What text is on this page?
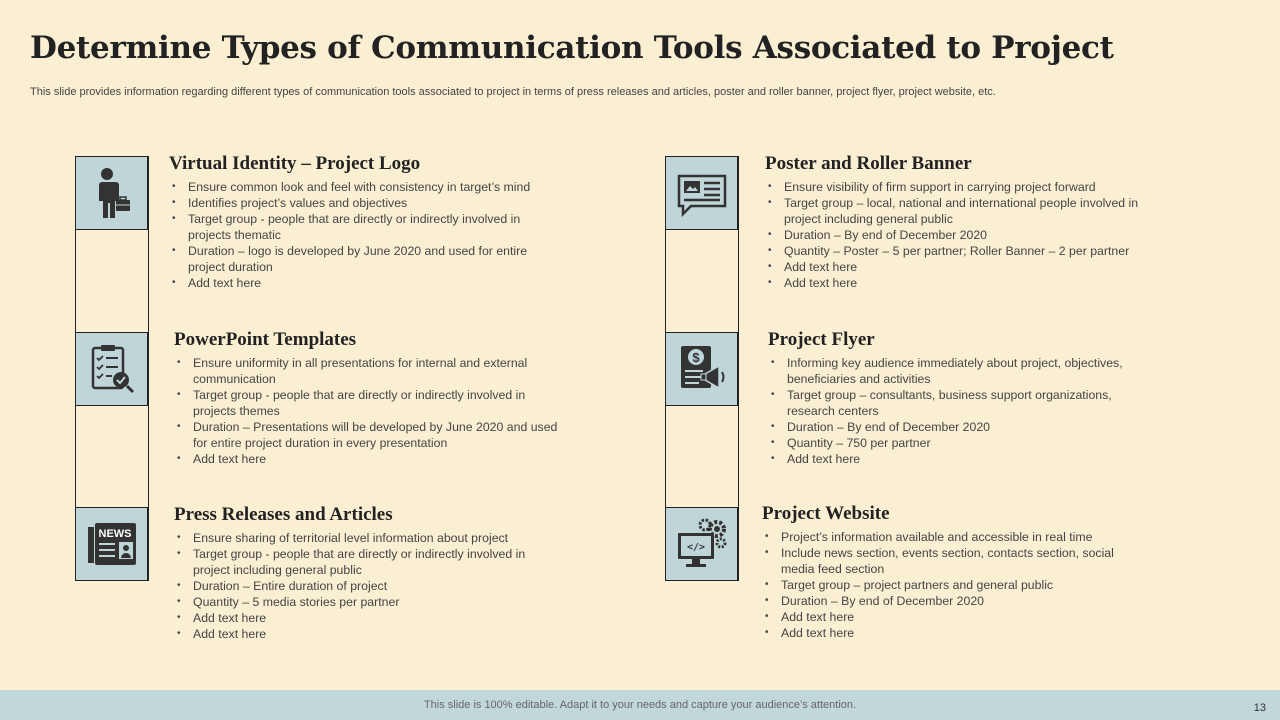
Determine Types of Communication Tools Associated to Project
This slide provides information regarding different types of communication tools associated to project in terms of press releases and articles, poster and roller banner, project flyer, project website, etc.
NEWS
$
</>
Virtual Identity – Project Logo
• Ensure common look and feel with consistency in target’s mind
• Identifies project’s values and objectives
• Target group - people that are directly or indirectly involved in projects thematic
• Duration – logo is developed by June 2020 and used for entire project duration
• Add text here
PowerPoint Templates
• Ensure uniformity in all presentations for internal and external communication
• Target group - people that are directly or indirectly involved in projects themes
• Duration – Presentations will be developed by June 2020 and used for entire project duration in every presentation
• Add text here
Press Releases and Articles
• Ensure sharing of territorial level information about project
• Target group - people that are directly or indirectly involved in project including general public
• Duration – Entire duration of project
• Quantity – 5 media stories per partner
• Add text here
• Add text here
Poster and Roller Banner
• Ensure visibility of firm support in carrying project forward
• Target group – local, national and international people involved in project including general public
• Duration – By end of December 2020
• Quantity – Poster – 5 per partner; Roller Banner – 2 per partner
• Add text here
• Add text here
Project Flyer
• Informing key audience immediately about project, objectives, beneficiaries and activities
• Target group – consultants, business support organizations, research centers
• Duration – By end of December 2020
• Quantity – 750 per partner
• Add text here
Project Website
• Project’s information available and accessible in real time
• Include news section, events section, contacts section, social media feed section
• Target group – project partners and general public
• Duration – By end of December 2020
• Add text here
• Add text here
This slide is 100% editable. Adapt it to your needs and capture your audience’s attention.	13
